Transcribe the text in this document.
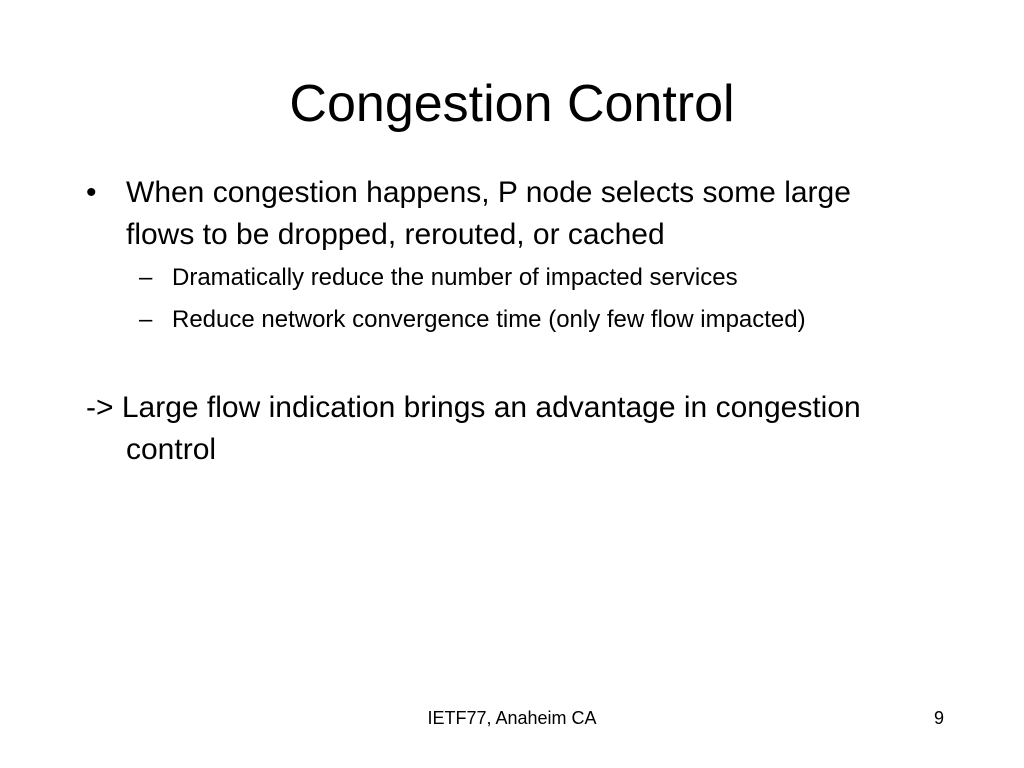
Congestion Control
• When congestion happens, P node selects some large flows to be dropped, rerouted, or cached
– Dramatically reduce the number of impacted services
– Reduce network convergence time (only few flow impacted)
-> Large flow indication brings an advantage in congestion control
IETF77, Anaheim CA	9
